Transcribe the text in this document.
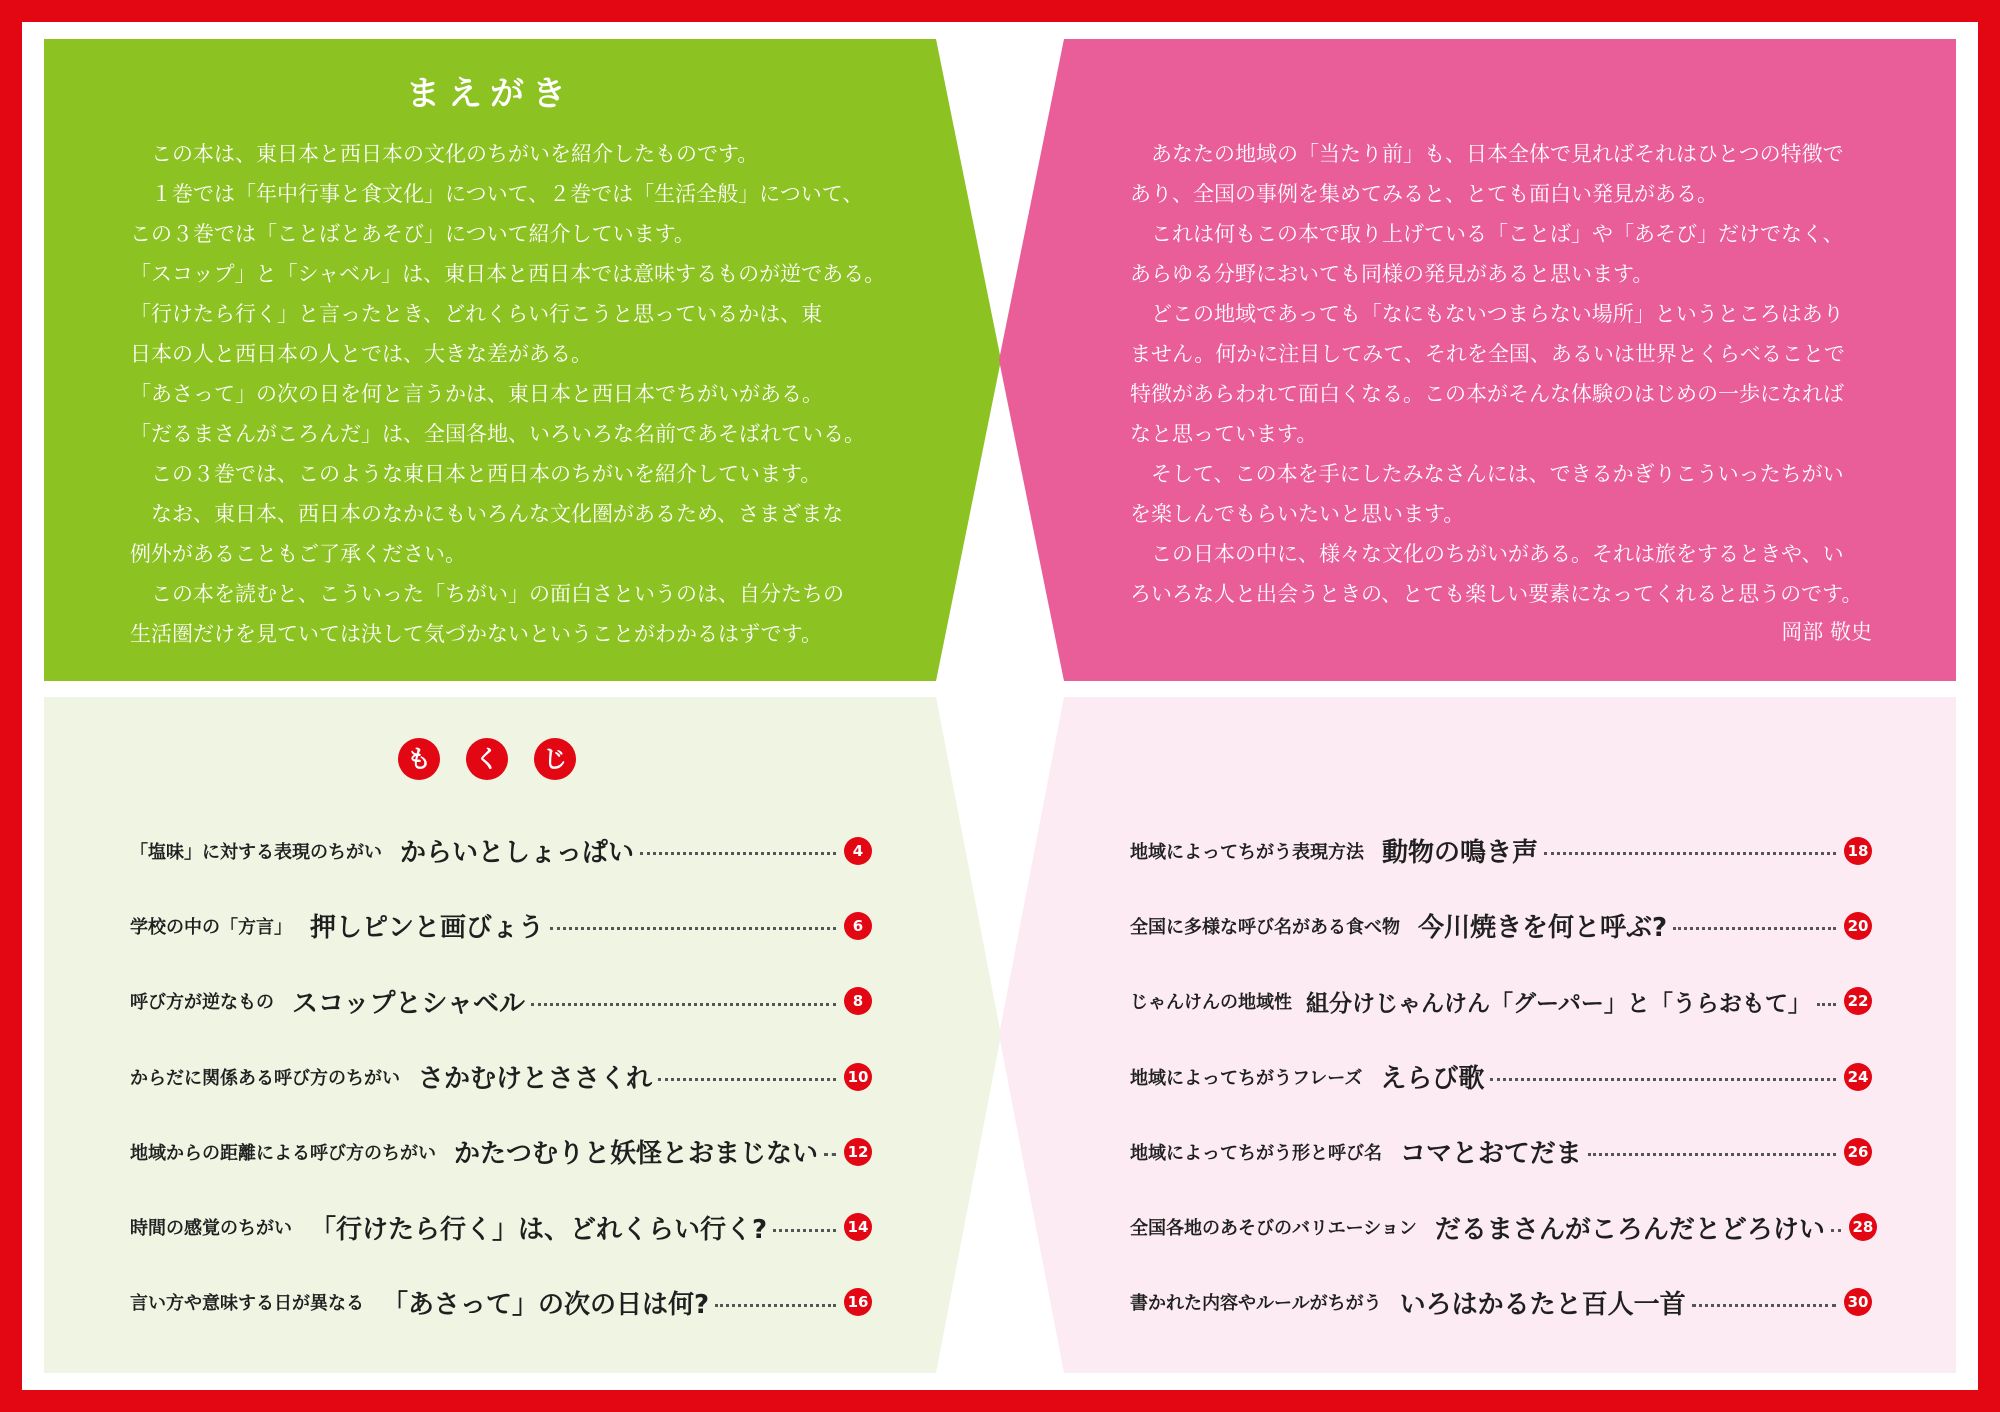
まえがき
　この本は、東日本と西日本の文化のちがいを紹介したものです。
　１巻では「年中行事と食文化」について、２巻では「生活全般」について、
この３巻では「ことばとあそび」について紹介しています。
「スコップ」と「シャベル」は、東日本と西日本では意味するものが逆である。
「行けたら行く」と言ったとき、どれくらい行こうと思っているかは、東
日本の人と西日本の人とでは、大きな差がある。
「あさって」の次の日を何と言うかは、東日本と西日本でちがいがある。
「だるまさんがころんだ」は、全国各地、いろいろな名前であそばれている。
　この３巻では、このような東日本と西日本のちがいを紹介しています。
　なお、東日本、西日本のなかにもいろんな文化圏があるため、さまざまな
例外があることもご了承ください。
　この本を読むと、こういった「ちがい」の面白さというのは、自分たちの
生活圏だけを見ていては決して気づかないということがわかるはずです。
　あなたの地域の「当たり前」も、日本全体で見ればそれはひとつの特徴で
あり、全国の事例を集めてみると、とても面白い発見がある。
　これは何もこの本で取り上げている「ことば」や「あそび」だけでなく、
あらゆる分野においても同様の発見があると思います。
　どこの地域であっても「なにもないつまらない場所」というところはあり
ません。何かに注目してみて、それを全国、あるいは世界とくらべることで
特徴があらわれて面白くなる。この本がそんな体験のはじめの一歩になれば
なと思っています。
　そして、この本を手にしたみなさんには、できるかぎりこういったちがい
を楽しんでもらいたいと思います。
　この日本の中に、様々な文化のちがいがある。それは旅をするときや、い
ろいろな人と出会うときの、とても楽しい要素になってくれると思うのです。
岡部 敬史
も	く	じ
「塩味」に対する表現のちがい からいとしょっぱい	4
学校の中の「方言」 押しピンと画びょう	6
呼び方が逆なもの スコップとシャベル	8
からだに関係ある呼び方のちがい さかむけとささくれ	10
地域からの距離による呼び方のちがい かたつむりと妖怪とおまじない 12
時間の感覚のちがい 「行けたら行く」は、どれくらい行く?	14
言い方や意味する日が異なる 「あさって」の次の日は何?	16
地域によってちがう表現方法 動物の鳴き声	18
全国に多様な呼び名がある食べ物 今川焼きを何と呼ぶ?	20
じゃんけんの地域性 組分けじゃんけん「グーパー」と「うらおもて」 22
地域によってちがうフレーズ えらび歌	24
地域によってちがう形と呼び名 コマとおてだま	26
全国各地のあそびのバリエーション だるまさんがころんだとどろけい 28
書かれた内容やルールがちがう いろはかるたと百人一首	30
